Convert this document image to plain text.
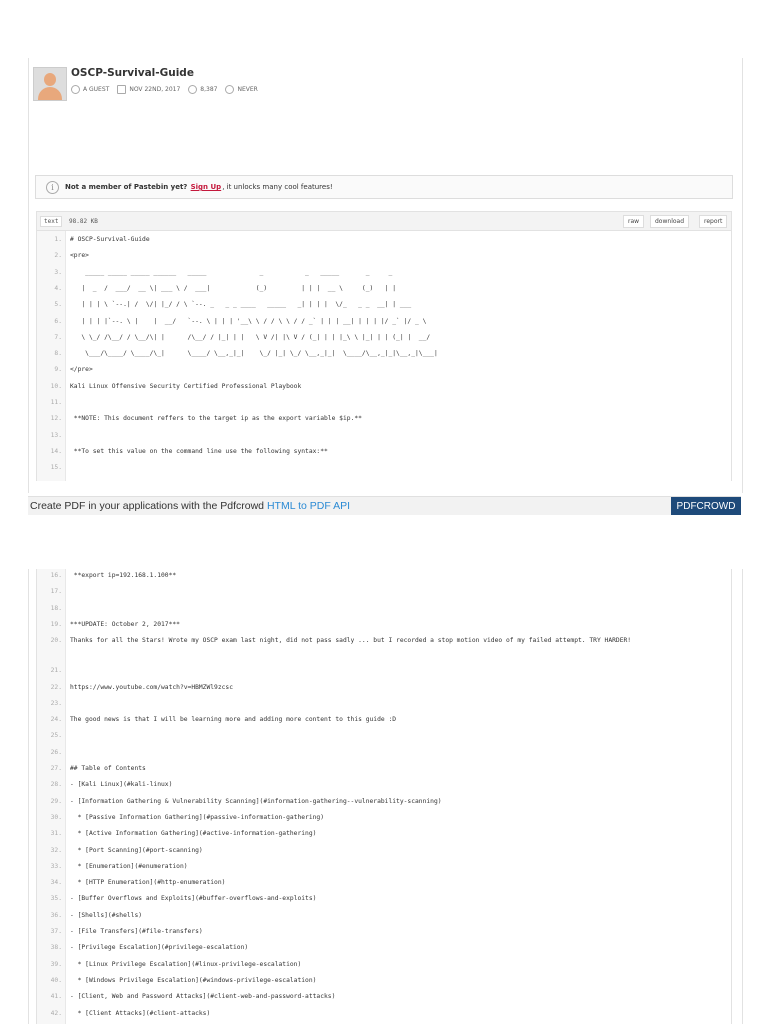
OSCP-Survival-Guide
A GUEST	NOV 22ND, 2017	8,387	NEVER
i	Not a member of Pastebin yet?
Sign Up , it unlocks many cool features!
text	98.82 KB	raw	download	report
1. # OSCP-Survival-Guide
2. <pre>
3. _____ _____ _____ ______   _____              _           _   _____       _     _
4. |  _  /  ___/  __ \| ___ \ /  ___|            (_)         | | |  __ \     (_)   | |
5. | | | \ `--.| /  \/| |_/ / \ `--. _   _ _ ____   _____   _| | | |  \/_   _ _  __| | ___
6. | | | |`--. \ |    |  __/   `--. \ | | | '__\ \ / / \ \ / / _` | | | __| | | | |/ _` |/ _ \
7. \ \_/ /\__/ / \__/\| |      /\__/ / |_| | |   \ V /| |\ V / (_| | | |_\ \ |_| | | (_| |  __/
8. \___/\____/ \____/\_|      \____/ \__,_|_|    \_/ |_| \_/ \__,_|_|  \____/\__,_|_|\__,_|\___|
9. </pre>
10. Kali Linux Offensive Security Certified Professional Playbook
11.
12. **NOTE: This document reffers to the target ip as the export variable $ip.**
13.
14. **To set this value on the command line use the following syntax:**
15.
Create PDF in your applications with the Pdfcrowd HTML to PDF API	PDFCROWD
16. **export ip=192.168.1.100**
17.
18.
19. ***UPDATE: October 2, 2017***
20. Thanks for all the Stars! Wrote my OSCP exam last night, did not pass sadly ... but I recorded a stop motion video of my failed attempt. TRY HARDER!
21.
22. https://www.youtube.com/watch?v=HBMZWl9zcsc
23.
24. The good news is that I will be learning more and adding more content to this guide :D
25.
26.
27. ## Table of Contents
28. - [Kali Linux](#kali-linux)
29. - [Information Gathering & Vulnerability Scanning](#information-gathering--vulnerability-scanning)
30. * [Passive Information Gathering](#passive-information-gathering)
31. * [Active Information Gathering](#active-information-gathering)
32. * [Port Scanning](#port-scanning)
33. * [Enumeration](#enumeration)
34. * [HTTP Enumeration](#http-enumeration)
35. - [Buffer Overflows and Exploits](#buffer-overflows-and-exploits)
36. - [Shells](#shells)
37. - [File Transfers](#file-transfers)
38. - [Privilege Escalation](#privilege-escalation)
39. * [Linux Privilege Escalation](#linux-privilege-escalation)
40. * [Windows Privilege Escalation](#windows-privilege-escalation)
41. - [Client, Web and Password Attacks](#client-web-and-password-attacks)
42. * [Client Attacks](#client-attacks)
